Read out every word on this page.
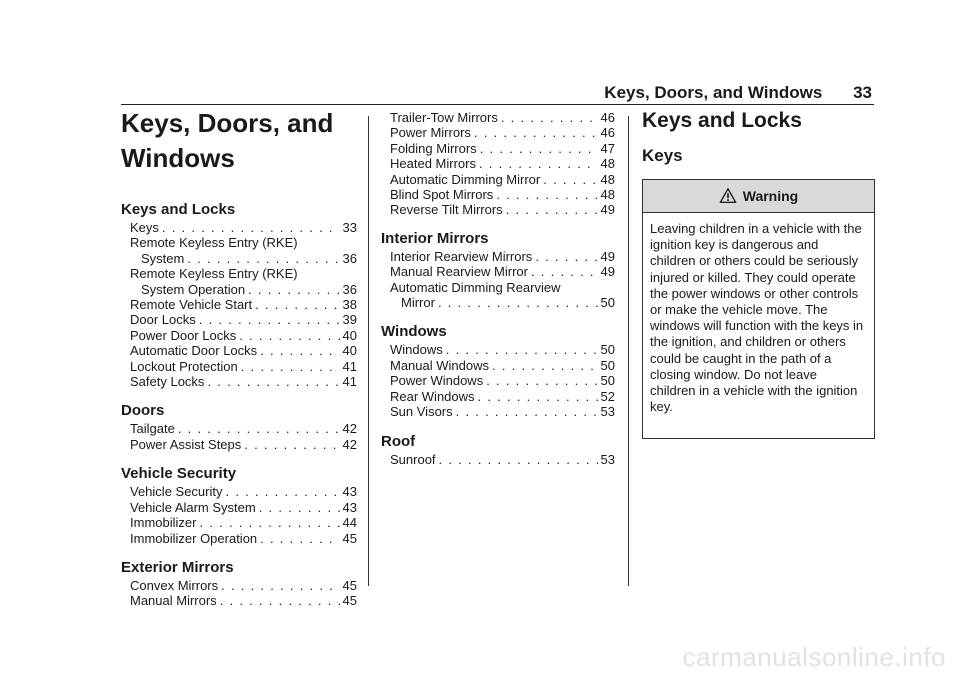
Keys, Doors, and Windows 33
Keys, Doors, and
Windows
Keys and Locks
Keys . . .	33
Remote Keyless Entry (RKE)
System . . .	36
Remote Keyless Entry (RKE)
System Operation . . .	36
Remote Vehicle Start . . .	38
Door Locks . . .	39
Power Door Locks . . .	40
Automatic Door Locks . . .	40
Lockout Protection . . .	41
Safety Locks . . .	41
Doors
Tailgate . . .	42
Power Assist Steps . . .	42
Vehicle Security
Vehicle Security . . .	43
Vehicle Alarm System . . .	43
Immobilizer . . .	44
Immobilizer Operation . . .	45
Exterior Mirrors
Convex Mirrors . . .	45
Manual Mirrors . . .	45
Trailer-Tow Mirrors . . .	46
Power Mirrors . . .	46
Folding Mirrors . . .	47
Heated Mirrors . . .	48
Automatic Dimming Mirror . . .	48
Blind Spot Mirrors . . .	48
Reverse Tilt Mirrors . . .	49
Interior Mirrors
Interior Rearview Mirrors . . .	49
Manual Rearview Mirror . . .	49
Automatic Dimming Rearview
Mirror . . .	50
Windows
Windows . . .	50
Manual Windows . . .	50
Power Windows . . .	50
Rear Windows . . .	52
Sun Visors . . .	53
Roof
Sunroof . . .	53
Keys and Locks
Keys
Warning
Leaving children in a vehicle with the ignition key is dangerous and children or others could be seriously injured or killed. They could operate the power windows or other controls or make the vehicle move. The windows will function with the keys in the ignition, and children or others could be caught in the path of a closing window. Do not leave children in a vehicle with the ignition key.
carmanualsonline.info
